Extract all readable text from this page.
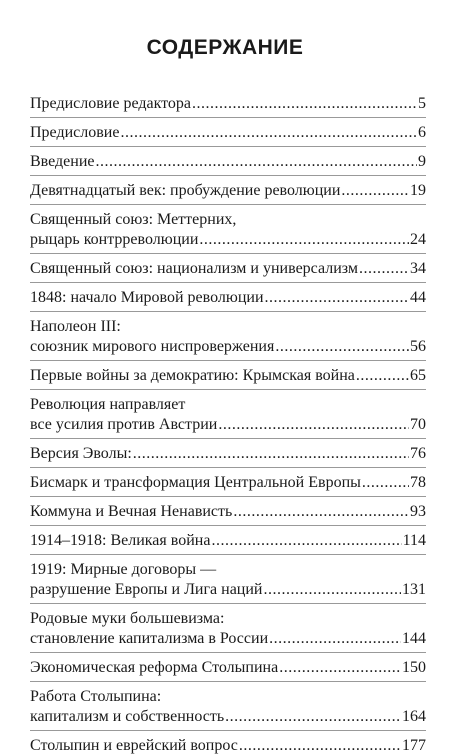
СОДЕРЖАНИЕ
Предисловие редактора .....	5
Предисловие .....	6
Введение .....	9
Девятнадцатый век: пробуждение революции .....	19
Священный союз: Меттерних,
рыцарь контрреволюции .....	24
Священный союз: национализм и универсализм .....	34
1848: начало Мировой революции .....	44
Наполеон III:
союзник мирового ниспровержения .....	56
Первые войны за демократию: Крымская война .....	65
Революция направляет
все усилия против Австрии .....	70
Версия Эволы: .....	76
Бисмарк и трансформация Центральной Европы .....	78
Коммуна и Вечная Ненависть .....	93
1914–1918: Великая война .....	114
1919: Мирные договоры —
разрушение Европы и Лига наций .....	131
Родовые муки большевизма:
становление капитализма в России .....	144
Экономическая реформа Столыпина .....	150
Работа Столыпина:
капитализм и собственность .....	164
Столыпин и еврейский вопрос .....	177
